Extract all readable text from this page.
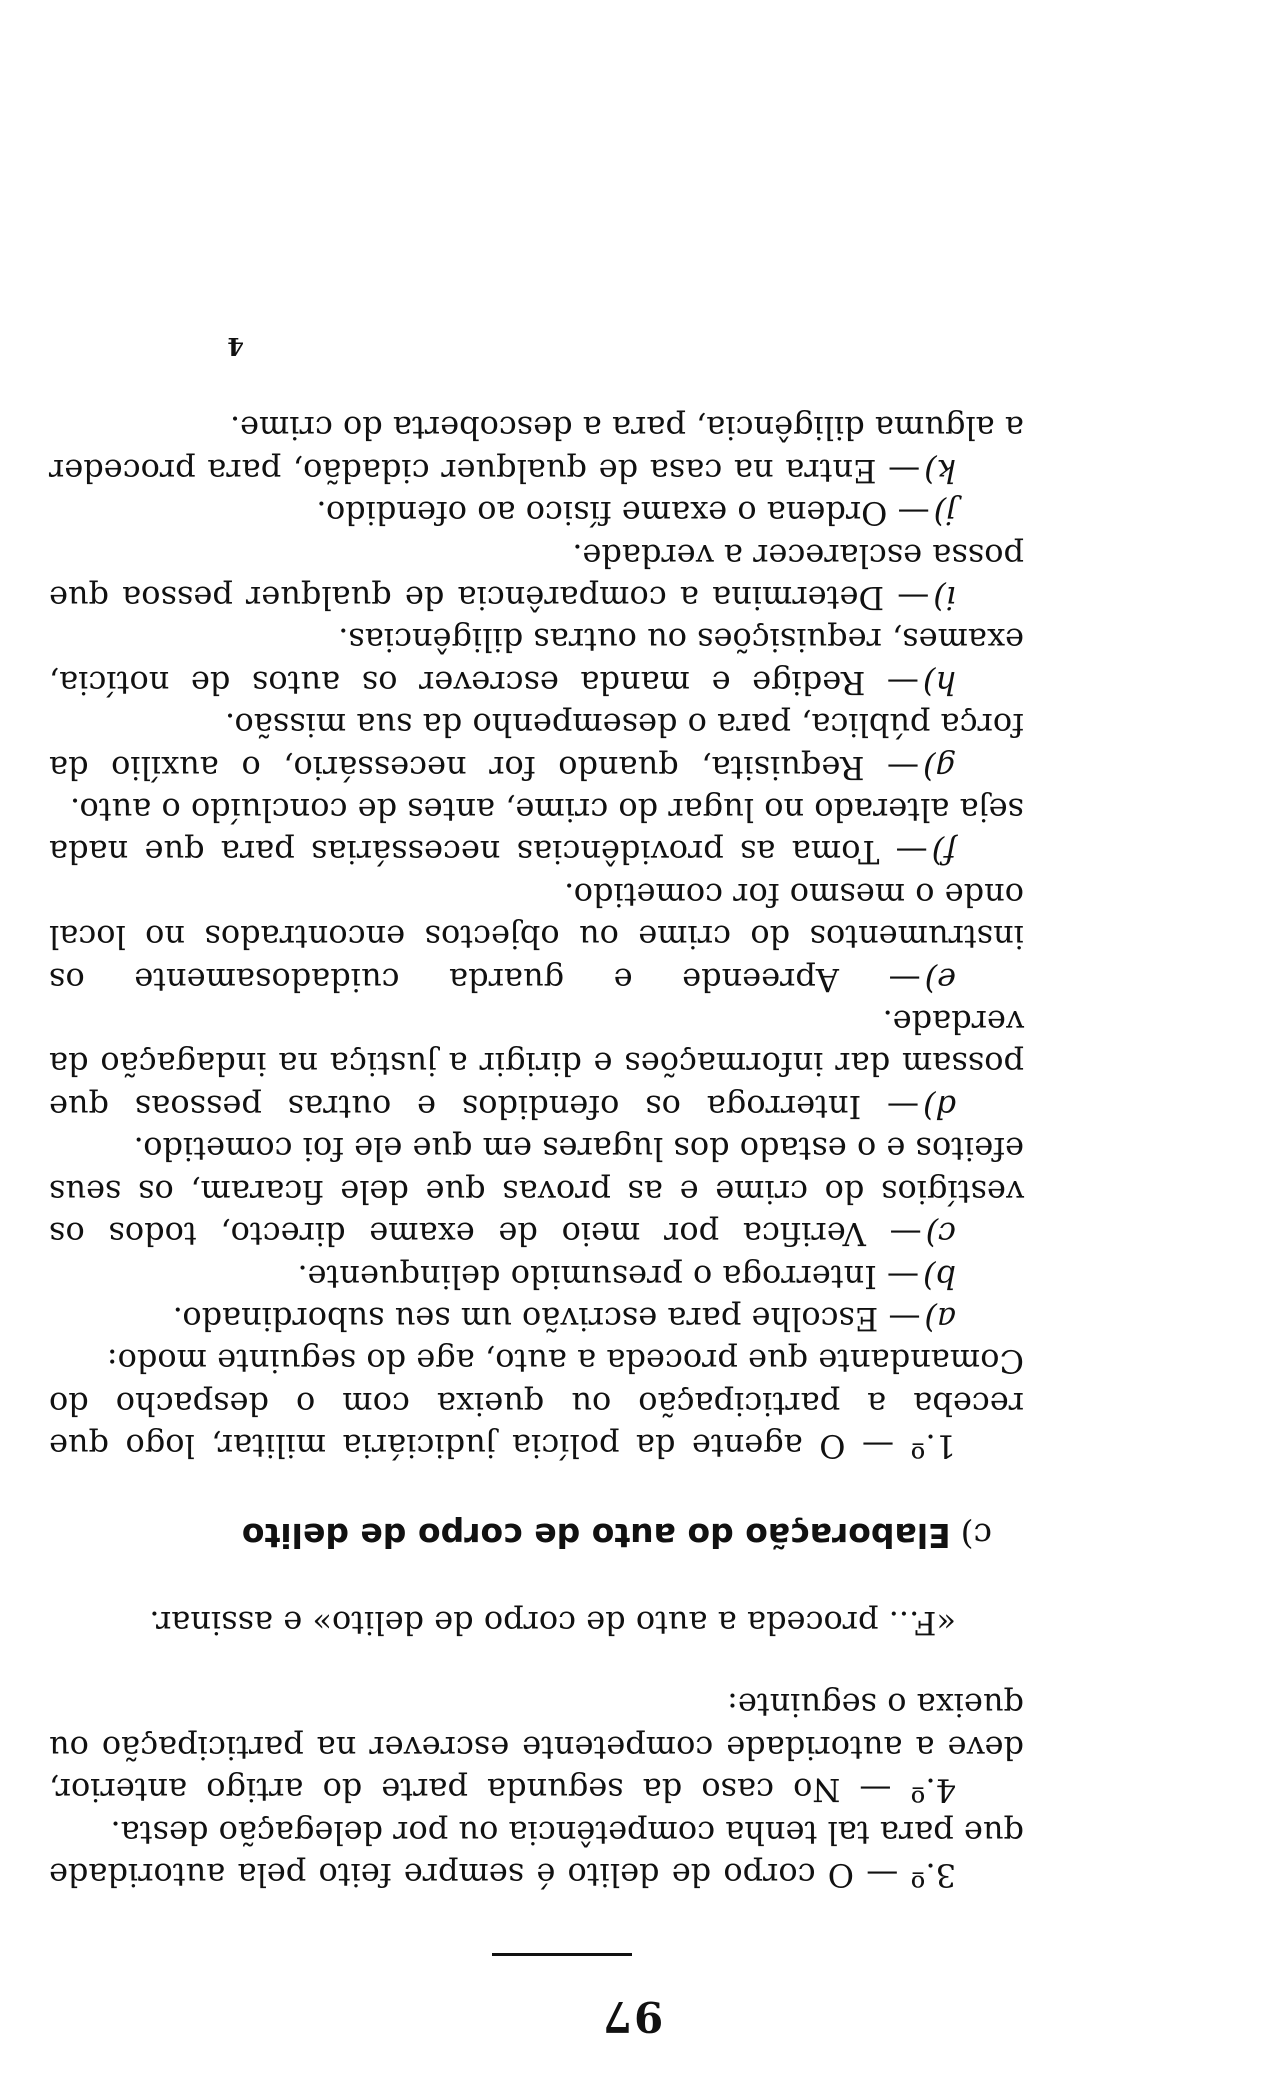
97

3.º — O corpo de delito é sempre feito pela autoridade que para tal tenha competência ou por delegação desta.

4.º — No caso da segunda parte do artigo anterior, deve a autoridade competente escrever na participação ou queixa o seguinte:

«F... proceda a auto de corpo de delito» e assinar.

c)Elaboração do auto de corpo de delito

1.º — O agente da polícia judiciária militar, logo que receba a participação ou queixa com o despacho do Comandante que proceda a auto, age do seguinte modo:

a)— Escolhe para escrivão um seu subordinado.

b)— Interroga o presumido delinquente.

c)— Verifica por meio de exame directo, todos os vestígios do crime e as provas que dele ficaram, os seus efeitos e o estado dos lugares em que ele foi cometido.

d)— Interroga os ofendidos e outras pessoas que possam dar informações e dirigir a justiça na indagação da verdade.

e)— Apreende e guarda cuidadosamente os instrumentos do crime ou objectos encontrados no local onde o mesmo for cometido.

f)— Toma as providências necessárias para que nada seja alterado no lugar do crime, antes de concluído o auto.

g)— Requisita, quando for necessário, o auxílio da força pública, para o desempenho da sua missão.

h)— Redige e manda escrever os autos de notícia, exames, requisições ou outras diligências.

i)— Determina a comparência de qualquer pessoa que possa esclarecer a verdade.

j)— Ordena o exame físico ao ofendido.

k)— Entra na casa de qualquer cidadão, para proceder a alguma diligência, para a descoberta do crime.

4
